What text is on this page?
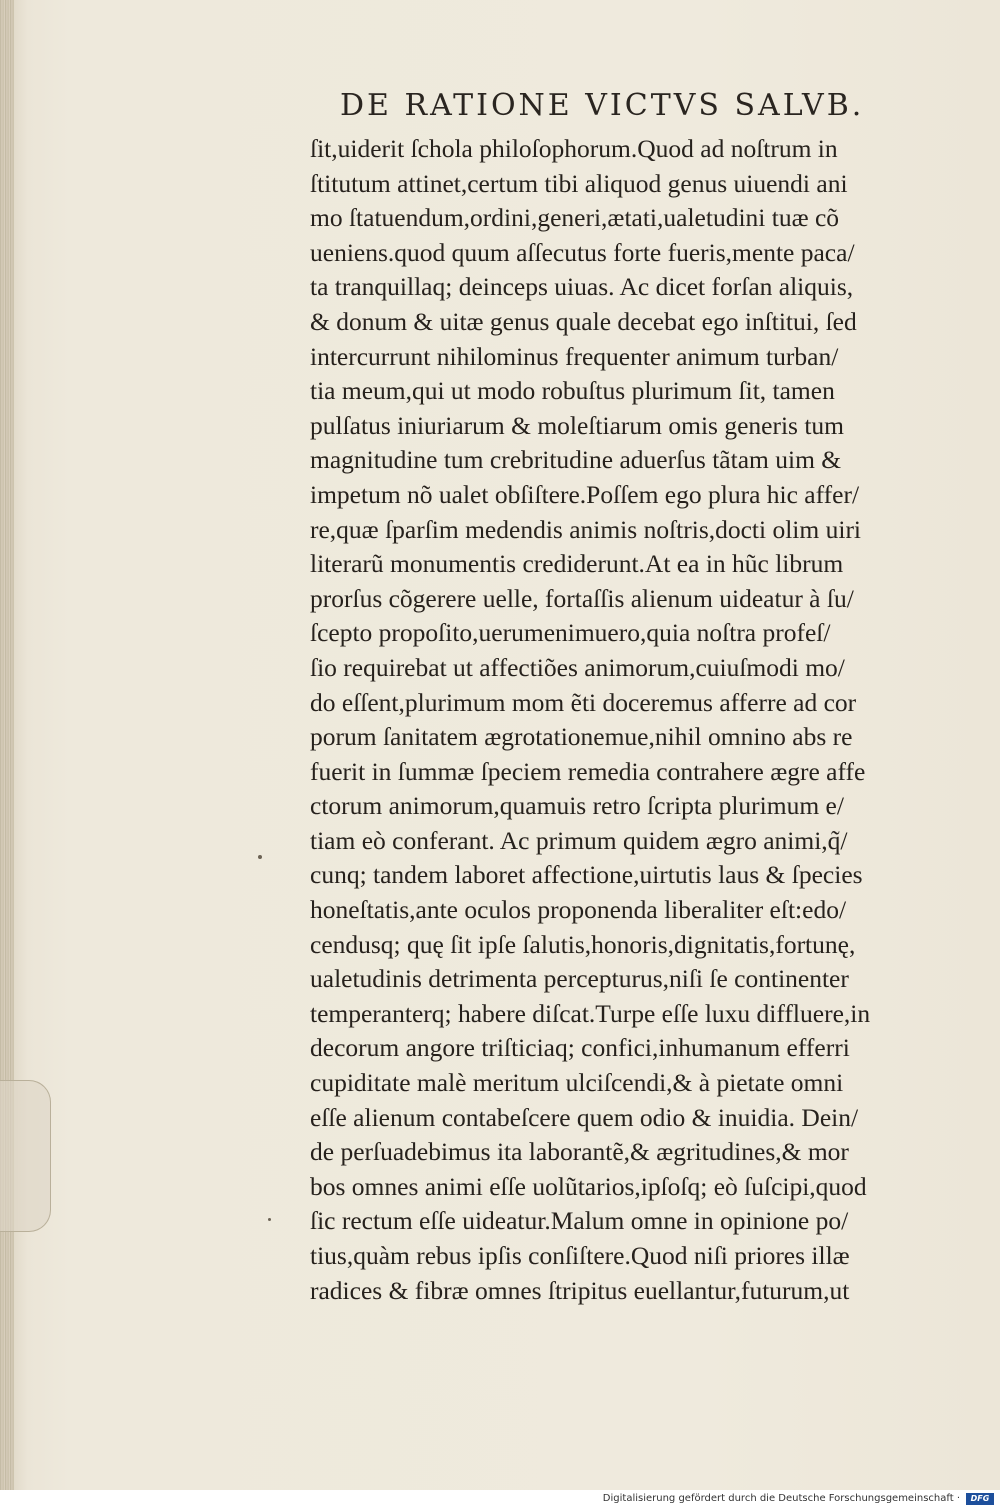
DE RATIONE VICTVS SALVB.
ſit,uiderit ſchola philoſophorum.Quod ad noſtrum in
ſtitutum attinet,certum tibi aliquod genus uiuendi ani
mo ſtatuendum,ordini,generi,ætati,ualetudini tuæ cõ
ueniens.quod quum aſſecutus forte fueris,mente paca/
ta tranquillaq; deinceps uiuas. Ac dicet forſan aliquis,
& donum & uitæ genus quale decebat ego inſtitui, ſed
intercurrunt nihilominus frequenter animum turban/
tia meum,qui ut modo robuſtus plurimum ſit, tamen
pulſatus iniuriarum & moleſtiarum omis generis tum
magnitudine tum crebritudine aduerſus tãtam uim &
impetum nõ ualet obſiſtere.Poſſem ego plura hic affer/
re,quæ ſparſim medendis animis noſtris,docti olim uiri
literarũ monumentis crediderunt.At ea in hũc librum
prorſus cõgerere uelle, fortaſſis alienum uideatur à ſu/
ſcepto propoſito,uerumenimuero,quia noſtra profeſ/
ſio requirebat ut affectiões animorum,cuiuſmodi mo/
do eſſent,plurimum mom ẽti doceremus afferre ad cor
porum ſanitatem ægrotationemue,nihil omnino abs re
fuerit in ſummæ ſpeciem remedia contrahere ægre affe
ctorum animorum,quamuis retro ſcripta plurimum e/
tiam eò conferant. Ac primum quidem ægro animi,q̃/
cunq; tandem laboret affectione,uirtutis laus & ſpecies
honeſtatis,ante oculos proponenda liberaliter eſt:edo/
cendusq; quę ſit ipſe ſalutis,honoris,dignitatis,fortunę,
ualetudinis detrimenta percepturus,niſi ſe continenter
temperanterq; habere diſcat.Turpe eſſe luxu diffluere,in
decorum angore triſticiaq; confici,inhumanum efferri
cupiditate malè meritum ulciſcendi,& à pietate omni
eſſe alienum contabeſcere quem odio & inuidia. Dein/
de perſuadebimus ita laborantẽ,& ægritudines,& mor
bos omnes animi eſſe uolũtarios,ipſoſq; eò ſuſcipi,quod
ſic rectum eſſe uideatur.Malum omne in opinione po/
tius,quàm rebus ipſis conſiſtere.Quod niſi priores illæ
radices & fibræ omnes ſtripitus euellantur,futurum,ut
Digitalisierung gefördert durch die Deutsche Forschungsgemeinschaft ·	DFG
